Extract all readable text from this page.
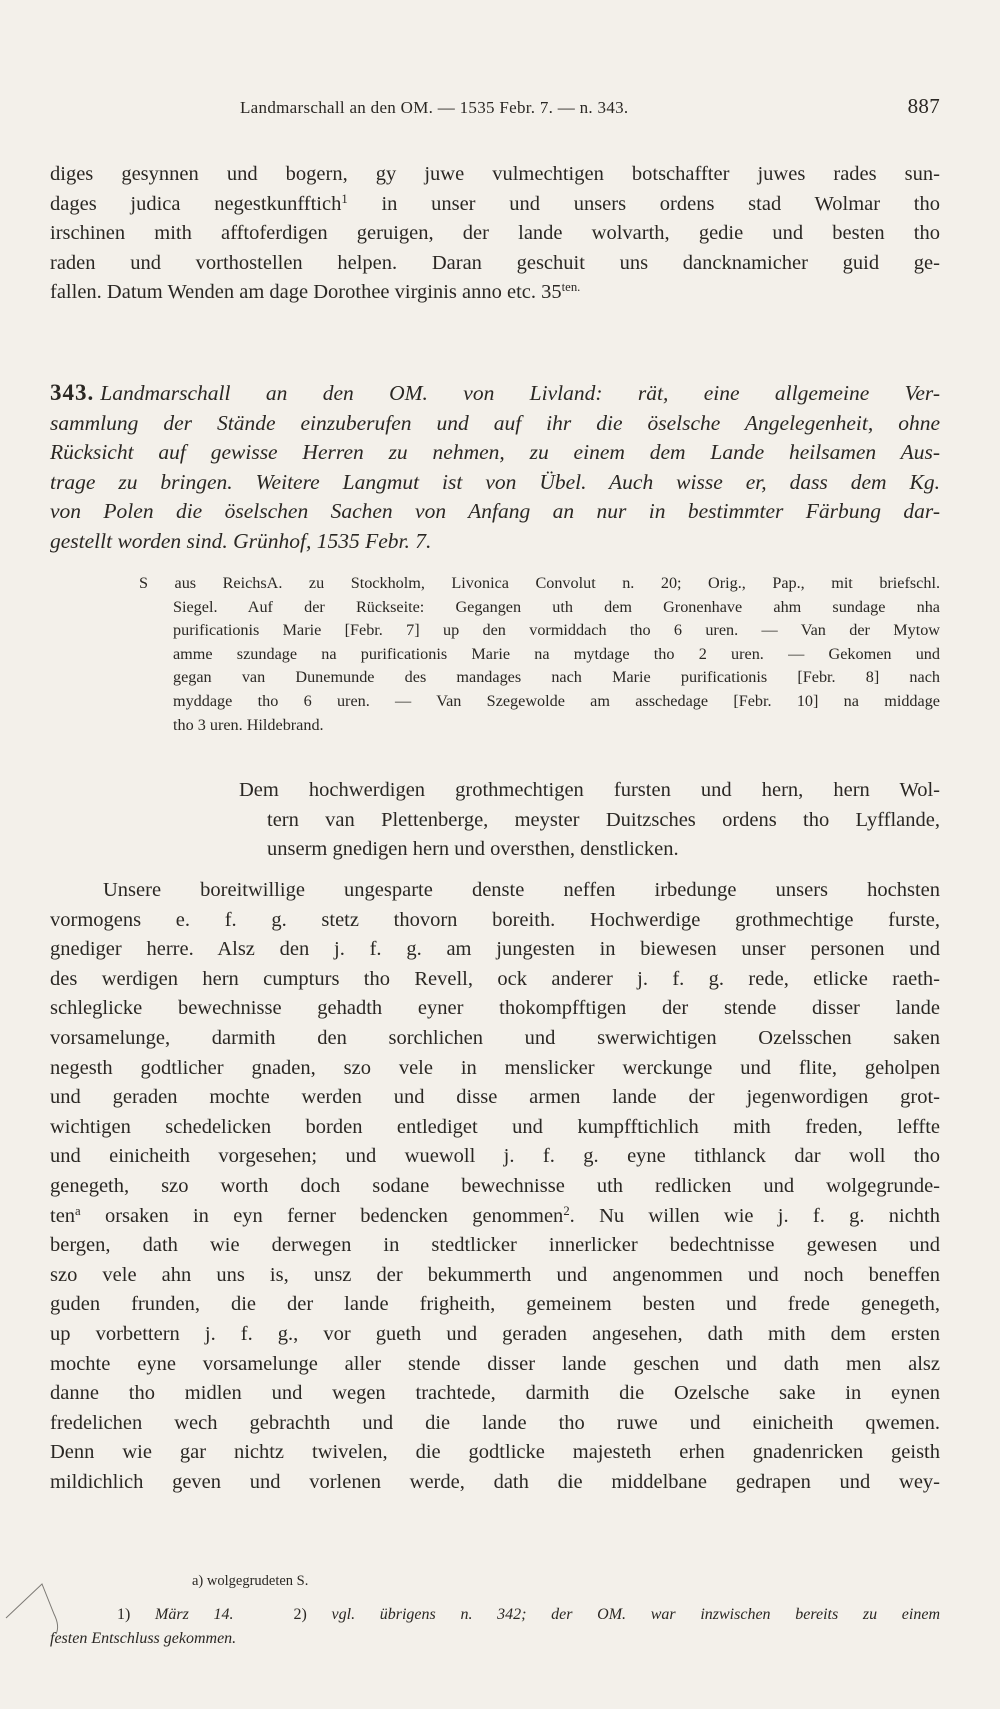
Landmarschall an den OM. — 1535 Febr. 7. — n. 343.	887
diges gesynnen und bogern, gy juwe vulmechtigen botschaffter juwes rades sun-
dages judica negestkunfftich$^1$ in unser und unsers ordens stad Wolmar tho
irschinen mith afftoferdigen geruigen, der lande wolvarth, gedie und besten tho
raden und vorthostellen helpen. Daran geschuit uns dancknamicher guid ge-
fallen. Datum Wenden am dage Dorothee virginis anno etc. $35^{ten.}$
343. Landmarschall an den OM. von Livland: rät, eine allgemeine Ver-
sammlung der Stände einzuberufen und auf ihr die öselsche Angelegenheit, ohne
Rücksicht auf gewisse Herren zu nehmen, zu einem dem Lande heilsamen Aus-
trage zu bringen. Weitere Langmut ist von Übel. Auch wisse er, dass dem Kg.
von Polen die öselschen Sachen von Anfang an nur in bestimmter Färbung dar-
gestellt worden sind. Grünhof, 1535 Febr. 7.
S aus ReichsA. zu Stockholm, Livonica Convolut n. 20; Orig., Pap., mit briefschl.
Siegel. Auf der Rückseite: Gegangen uth dem Gronenhave ahm sundage nha
purificationis Marie [Febr. 7] up den vormiddach tho 6 uren. — Van der Mytow
amme szundage na purificationis Marie na mytdage tho 2 uren. — Gekomen und
gegan van Dunemunde des mandages nach Marie purificationis [Febr. 8] nach
myddage tho 6 uren. — Van Szegewolde am asschedage [Febr. 10] na middage
tho 3 uren. Hildebrand.
Dem hochwerdigen grothmechtigen fursten und hern, hern Wol-
tern van Plettenberge, meyster Duitzsches ordens tho Lyfflande,
unserm gnedigen hern und oversthen, denstlicken.
Unsere boreitwillige ungesparte denste neffen irbedunge unsers hochsten
vormogens e. f. g. stetz thovorn boreith. Hochwerdige grothmechtige furste,
gnediger herre. Alsz den j. f. g. am jungesten in biewesen unser personen und
des werdigen hern cumpturs tho Revell, ock anderer j. f. g. rede, etlicke raeth-
schleglicke bewechnisse gehadth eyner thokompfftigen der stende disser lande
vorsamelunge, darmith den sorchlichen und swerwichtigen Ozelsschen saken
negesth godtlicher gnaden, szo vele in menslicker werckunge und flite, geholpen
und geraden mochte werden und disse armen lande der jegenwordigen grot-
wichtigen schedelicken borden entlediget und kumpfftichlich mith freden, leffte
und einicheith vorgesehen; und wuewoll j. f. g. eyne tithlanck dar woll tho
genegeth, szo worth doch sodane bewechnisse uth redlicken und wolgegrunde-
ten$^a$ orsaken in eyn ferner bedencken genommen$^2$. Nu willen wie j. f. g. nichth
bergen, dath wie derwegen in stedtlicker innerlicker bedechtnisse gewesen und
szo vele ahn uns is, unsz der bekummerth und angenommen und noch beneffen
guden frunden, die der lande frigheith, gemeinem besten und frede genegeth,
up vorbettern j. f. g., vor gueth und geraden angesehen, dath mith dem ersten
mochte eyne vorsamelunge aller stende disser lande geschen und dath men alsz
danne tho midlen und wegen trachtede, darmith die Ozelsche sake in eynen
fredelichen wech gebrachth und die lande tho ruwe und einicheith qwemen.
Denn wie gar nichtz twivelen, die godtlicke majesteth erhen gnadenricken geisth
mildichlich geven und vorlenen werde, dath die middelbane gedrapen und wey-
a) wolgegrudeten S.
1) März 14.	2) vgl. übrigens n. 342; der OM. war inzwischen bereits zu einem
festen Entschluss gekommen.
